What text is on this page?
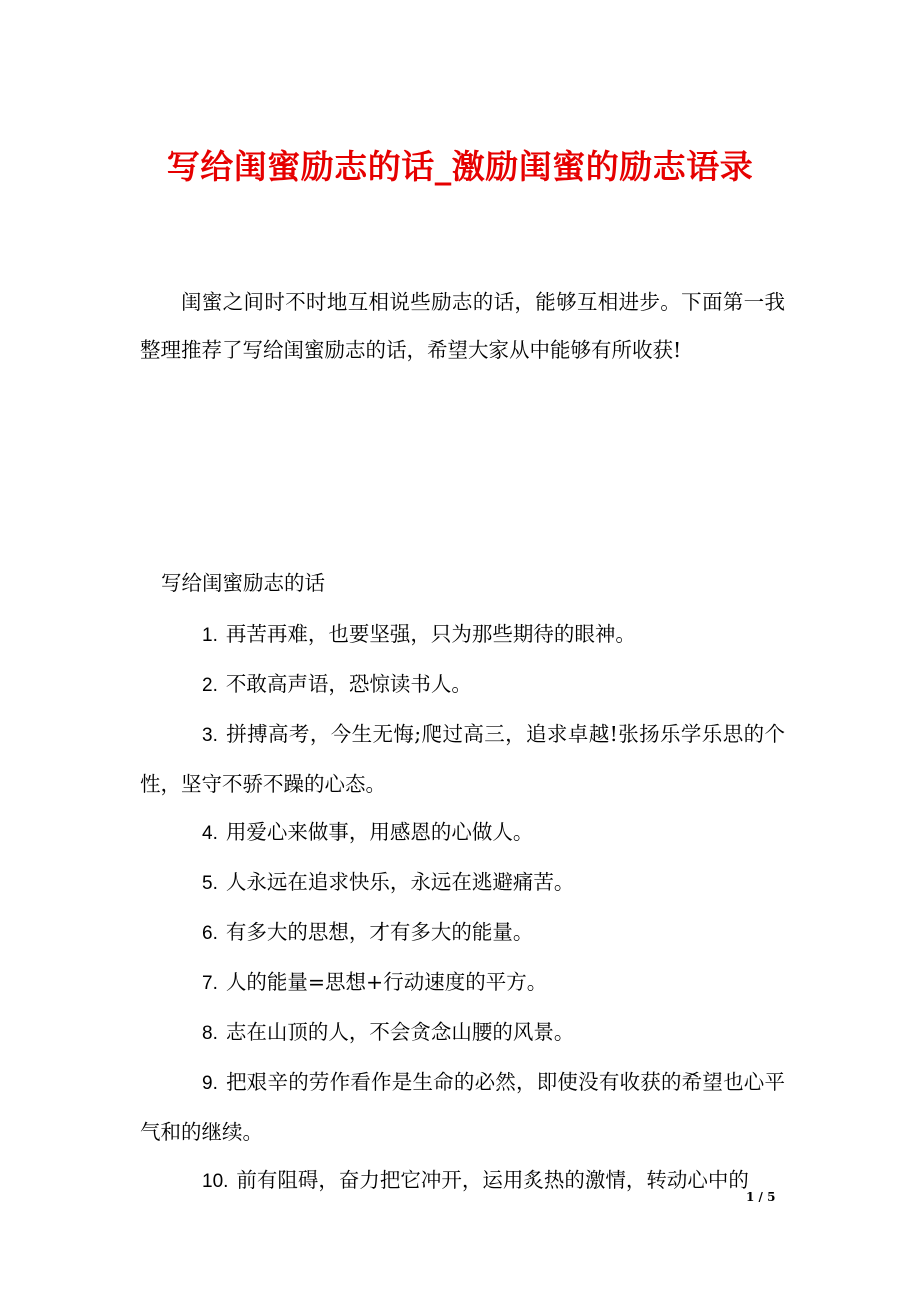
写给闺蜜励志的话_激励闺蜜的励志语录
闺蜜之间时不时地互相说些励志的话，能够互相进步。下面第一我整理推荐了写给闺蜜励志的话，希望大家从中能够有所收获!
写给闺蜜励志的话
1. 再苦再难，也要坚强，只为那些期待的眼神。
2. 不敢高声语，恐惊读书人。
3. 拼搏高考，今生无悔;爬过高三，追求卓越!张扬乐学乐思的个性，坚守不骄不躁的心态。
4. 用爱心来做事，用感恩的心做人。
5. 人永远在追求快乐，永远在逃避痛苦。
6. 有多大的思想，才有多大的能量。
7. 人的能量=思想+行动速度的平方。
8. 志在山顶的人，不会贪念山腰的风景。
9. 把艰辛的劳作看作是生命的必然，即使没有收获的希望也心平气和的继续。
10. 前有阻碍，奋力把它冲开，运用炙热的激情，转动心中的
1 / 5
